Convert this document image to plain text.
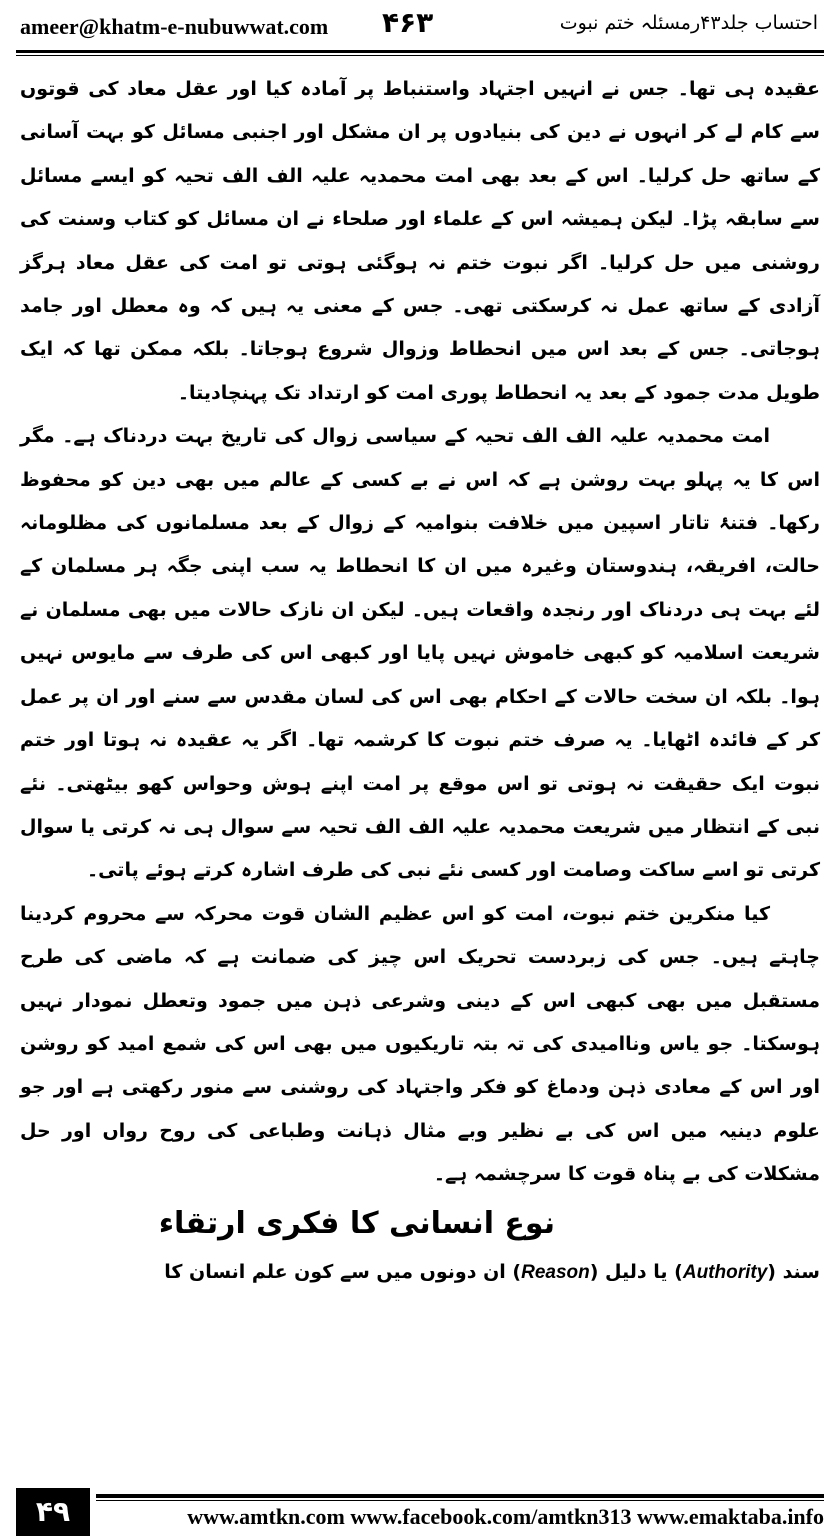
ameer@khatm-e-nubuwwat.com ۴۶۳	احتساب جلد۴۳رمسئلہ ختم نبوت

عقیدہ ہی تھا۔ جس نے انہیں اجتہاد واستنباط پر آمادہ کیا اور عقل معاد کی قوتوں سے کام لے کر انہوں نے دین کی بنیادوں پر ان مشکل اور اجنبی مسائل کو بہت آسانی کے ساتھ حل کرلیا۔ اس کے بعد بھی امت محمدیہ علیہ الف الف تحیہ کو ایسے مسائل سے سابقہ پڑا۔ لیکن ہمیشہ اس کے علماء اور صلحاء نے ان مسائل کو کتاب وسنت کی روشنی میں حل کرلیا۔ اگر نبوت ختم نہ ہوگئی ہوتی تو امت کی عقل معاد ہرگز آزادی کے ساتھ عمل نہ کرسکتی تھی۔ جس کے معنی یہ ہیں کہ وہ معطل اور جامد ہوجاتی۔ جس کے بعد اس میں انحطاط وزوال شروع ہوجاتا۔ بلکہ ممکن تھا کہ ایک طویل مدت جمود کے بعد یہ انحطاط پوری امت کو ارتداد تک پہنچادیتا۔

امت محمدیہ علیہ الف الف تحیہ کے سیاسی زوال کی تاریخ بہت دردناک ہے۔ مگر اس کا یہ پہلو بہت روشن ہے کہ اس نے بے کسی کے عالم میں بھی دین کو محفوظ رکھا۔ فتنۂ تاتار اسپین میں خلافت بنوامیہ کے زوال کے بعد مسلمانوں کی مظلومانہ حالت، افریقہ، ہندوستان وغیرہ میں ان کا انحطاط یہ سب اپنی جگہ ہر مسلمان کے لئے بہت ہی دردناک اور رنجدہ واقعات ہیں۔ لیکن ان نازک حالات میں بھی مسلمان نے شریعت اسلامیہ کو کبھی خاموش نہیں پایا اور کبھی اس کی طرف سے مایوس نہیں ہوا۔ بلکہ ان سخت حالات کے احکام بھی اس کی لسان مقدس سے سنے اور ان پر عمل کر کے فائدہ اٹھایا۔ یہ صرف ختم نبوت کا کرشمہ تھا۔ اگر یہ عقیدہ نہ ہوتا اور ختم نبوت ایک حقیقت نہ ہوتی تو اس موقع پر امت اپنے ہوش وحواس کھو بیٹھتی۔ نئے نبی کے انتظار میں شریعت محمدیہ علیہ الف الف تحیہ سے سوال ہی نہ کرتی یا سوال کرتی تو اسے ساکت وصامت اور کسی نئے نبی کی طرف اشارہ کرتے ہوئے پاتی۔

کیا منکرین ختم نبوت، امت کو اس عظیم الشان قوت محرکہ سے محروم کردینا چاہتے ہیں۔ جس کی زبردست تحریک اس چیز کی ضمانت ہے کہ ماضی کی طرح مستقبل میں بھی کبھی اس کے دینی وشرعی ذہن میں جمود وتعطل نمودار نہیں ہوسکتا۔ جو یاس وناامیدی کی تہ بتہ تاریکیوں میں بھی اس کی شمع امید کو روشن اور اس کے معادی ذہن ودماغ کو فکر واجتہاد کی روشنی سے منور رکھتی ہے اور جو علوم دینیہ میں اس کی بے نظیر وبے مثال ذہانت وطباعی کی روح رواں اور حل مشکلات کی بے پناہ قوت کا سرچشمہ ہے۔

نوع انسانی کا فکری ارتقاء

سند (Authority) یا دلیل (Reason) ان دونوں میں سے کون علم انسان کا

۴۹	www.amtkn.com www.facebook.com/amtkn313 www.emaktaba.info
